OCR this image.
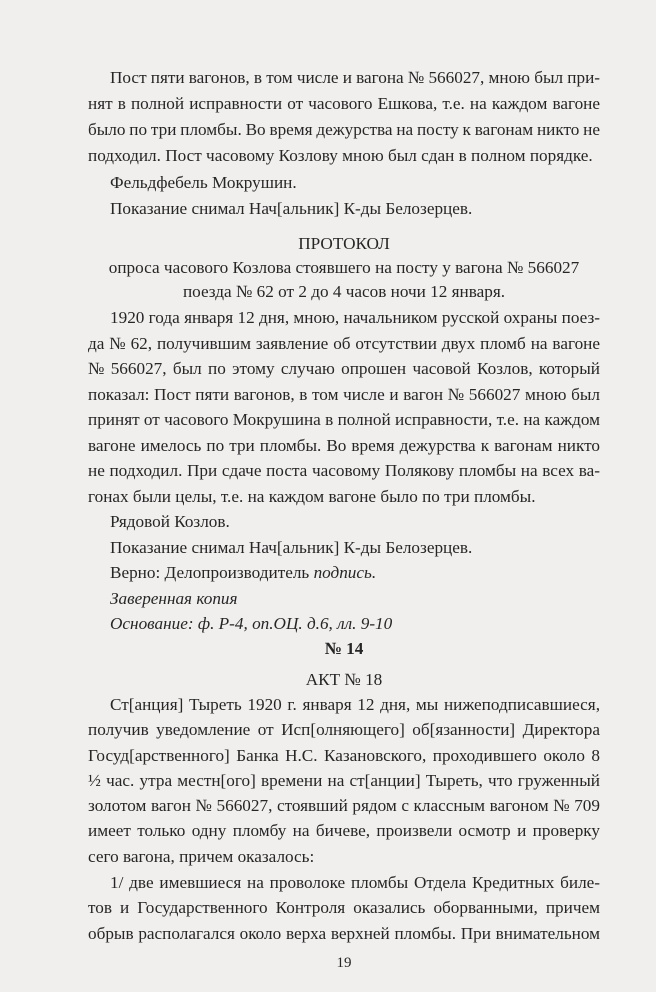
Пост пяти вагонов, в том числе и вагона № 566027, мною был при-
нят в полной исправности от часового Ешкова, т.е. на каждом вагоне
было по три пломбы. Во время дежурства на посту к вагонам никто не
подходил. Пост часовому Козлову мною был сдан в полном порядке.
Фельдфебель Мокрушин.
Показание снимал Нач[альник] К-ды Белозерцев.
ПРОТОКОЛ
опроса часового Козлова стоявшего на посту у вагона № 566027
поезда № 62 от 2 до 4 часов ночи 12 января.
1920 года января 12 дня, мною, начальником русской охраны поез-
да № 62, получившим заявление об отсутствии двух пломб на вагоне
№ 566027, был по этому случаю опрошен часовой Козлов, который
показал: Пост пяти вагонов, в том числе и вагон № 566027 мною был
принят от часового Мокрушина в полной исправности, т.е. на каждом
вагоне имелось по три пломбы. Во время дежурства к вагонам никто
не подходил. При сдаче поста часовому Полякову пломбы на всех ва-
гонах были целы, т.е. на каждом вагоне было по три пломбы.
Рядовой Козлов.
Показание снимал Нач[альник] К-ды Белозерцев.
Верно: Делопроизводитель подпись.
Заверенная копия
Основание: ф. Р-4, оп.ОЦ. д.6, лл. 9-10
№ 14
АКТ № 18
Ст[анция] Тыреть 1920 г. января 12 дня, мы нижеподписавшиеся,
получив уведомление от Исп[олняющего] об[язанности] Директора
Госуд[арственного] Банка Н.С. Казановского, проходившего около 8
½ час. утра местн[ого] времени на ст[анции] Тыреть, что груженный
золотом вагон № 566027, стоявший рядом с классным вагоном № 709
имеет только одну пломбу на бичеве, произвели осмотр и проверку
сего вагона, причем оказалось:
1/ две имевшиеся на проволоке пломбы Отдела Кредитных биле-
тов и Государственного Контроля оказались оборванными, причем
обрыв располагался около верха верхней пломбы. При внимательном
19
